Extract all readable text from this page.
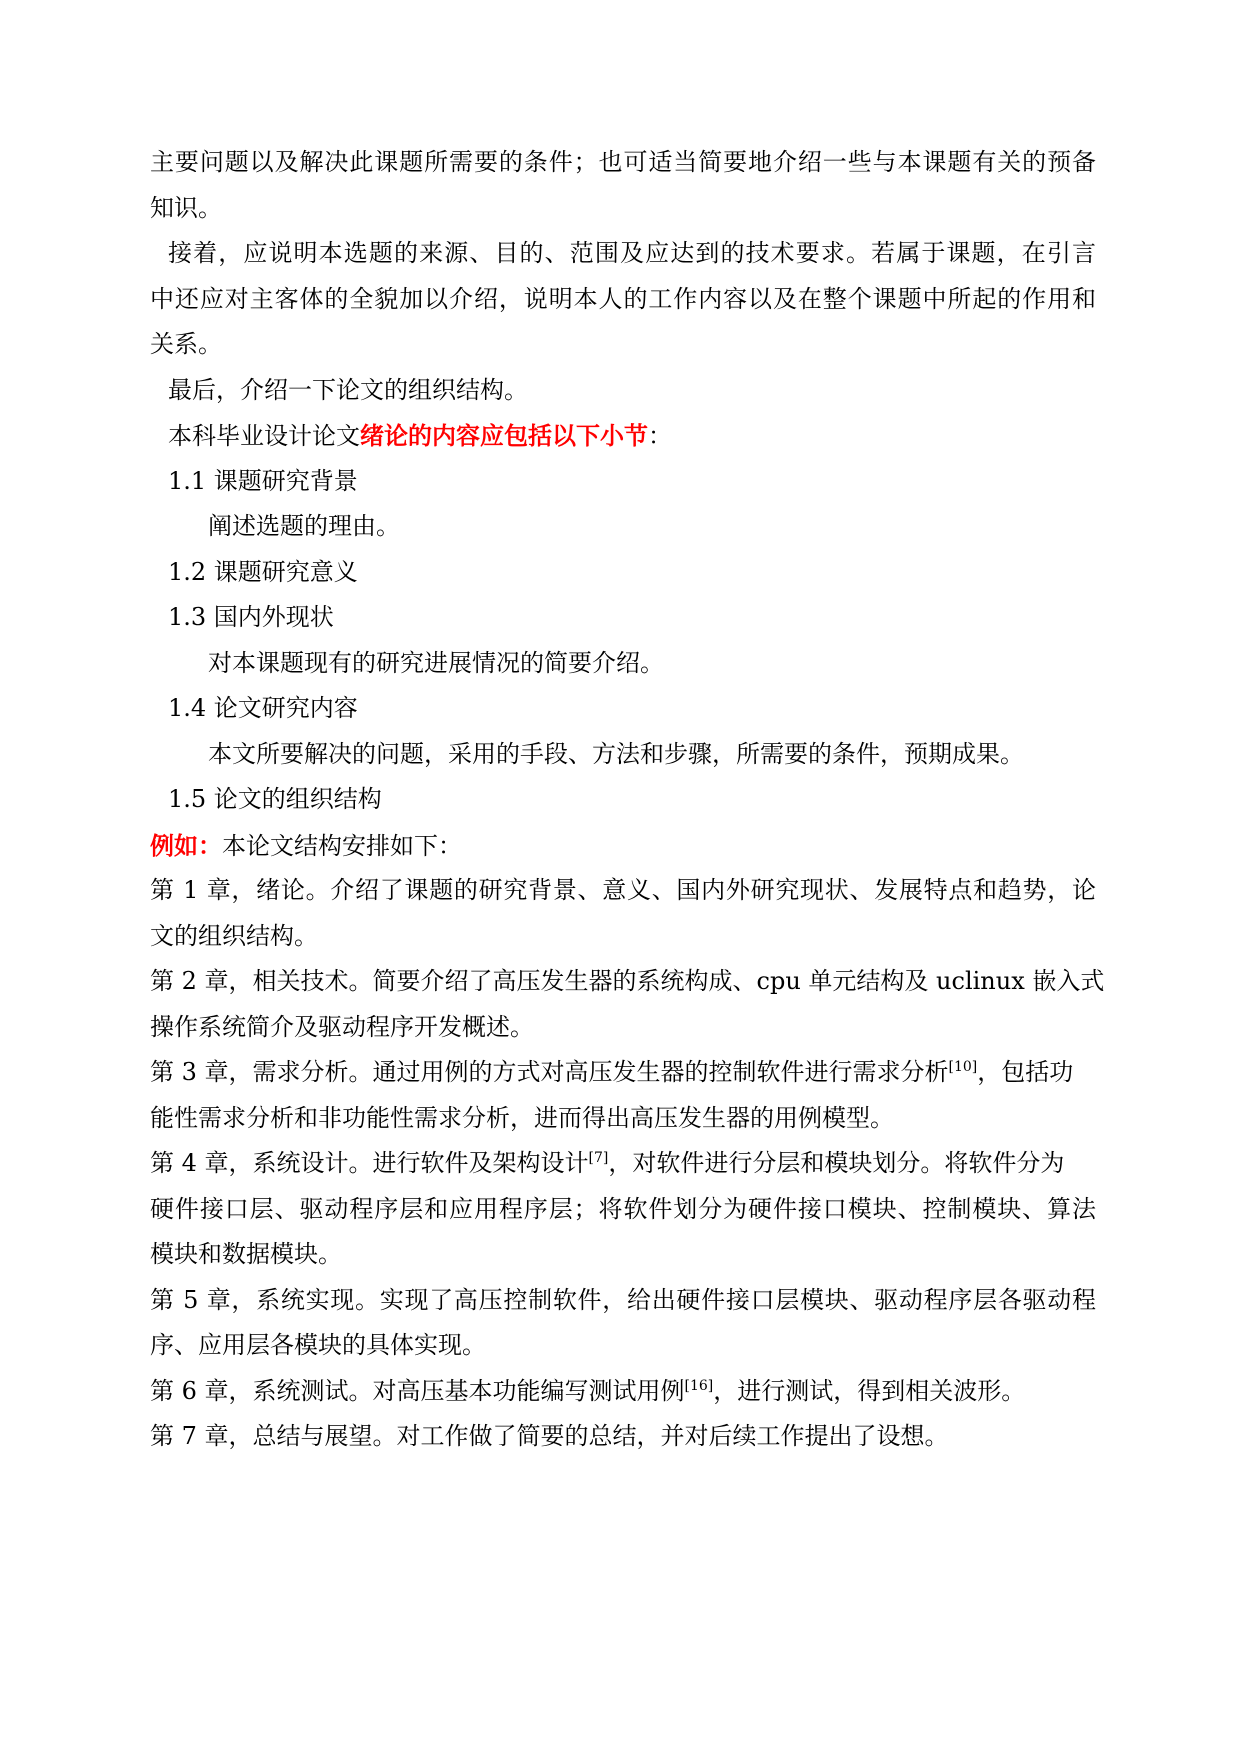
主要问题以及解决此课题所需要的条件；也可适当简要地介绍一些与本课题有关的预备
知识。
接着，应说明本选题的来源、目的、范围及应达到的技术要求。若属于课题，在引言
中还应对主客体的全貌加以介绍，说明本人的工作内容以及在整个课题中所起的作用和
关系。
最后，介绍一下论文的组织结构。
本科毕业设计论文绪论的内容应包括以下小节：
1.1 课题研究背景
阐述选题的理由。
1.2 课题研究意义
1.3 国内外现状
对本课题现有的研究进展情况的简要介绍。
1.4 论文研究内容
本文所要解决的问题，采用的手段、方法和步骤，所需要的条件，预期成果。
1.5 论文的组织结构
例如：本论文结构安排如下：
第 1 章，绪论。介绍了课题的研究背景、意义、国内外研究现状、发展特点和趋势，论
文的组织结构。
第 2 章，相关技术。简要介绍了高压发生器的系统构成、cpu 单元结构及 uclinux 嵌入式
操作系统简介及驱动程序开发概述。
第 3 章，需求分析。通过用例的方式对高压发生器的控制软件进行需求分析[10]，包括功
能性需求分析和非功能性需求分析，进而得出高压发生器的用例模型。
第 4 章，系统设计。进行软件及架构设计[7]，对软件进行分层和模块划分。将软件分为
硬件接口层、驱动程序层和应用程序层；将软件划分为硬件接口模块、控制模块、算法
模块和数据模块。
第 5 章，系统实现。实现了高压控制软件，给出硬件接口层模块、驱动程序层各驱动程
序、应用层各模块的具体实现。
第 6 章，系统测试。对高压基本功能编写测试用例[16]，进行测试，得到相关波形。
第 7 章，总结与展望。对工作做了简要的总结，并对后续工作提出了设想。
